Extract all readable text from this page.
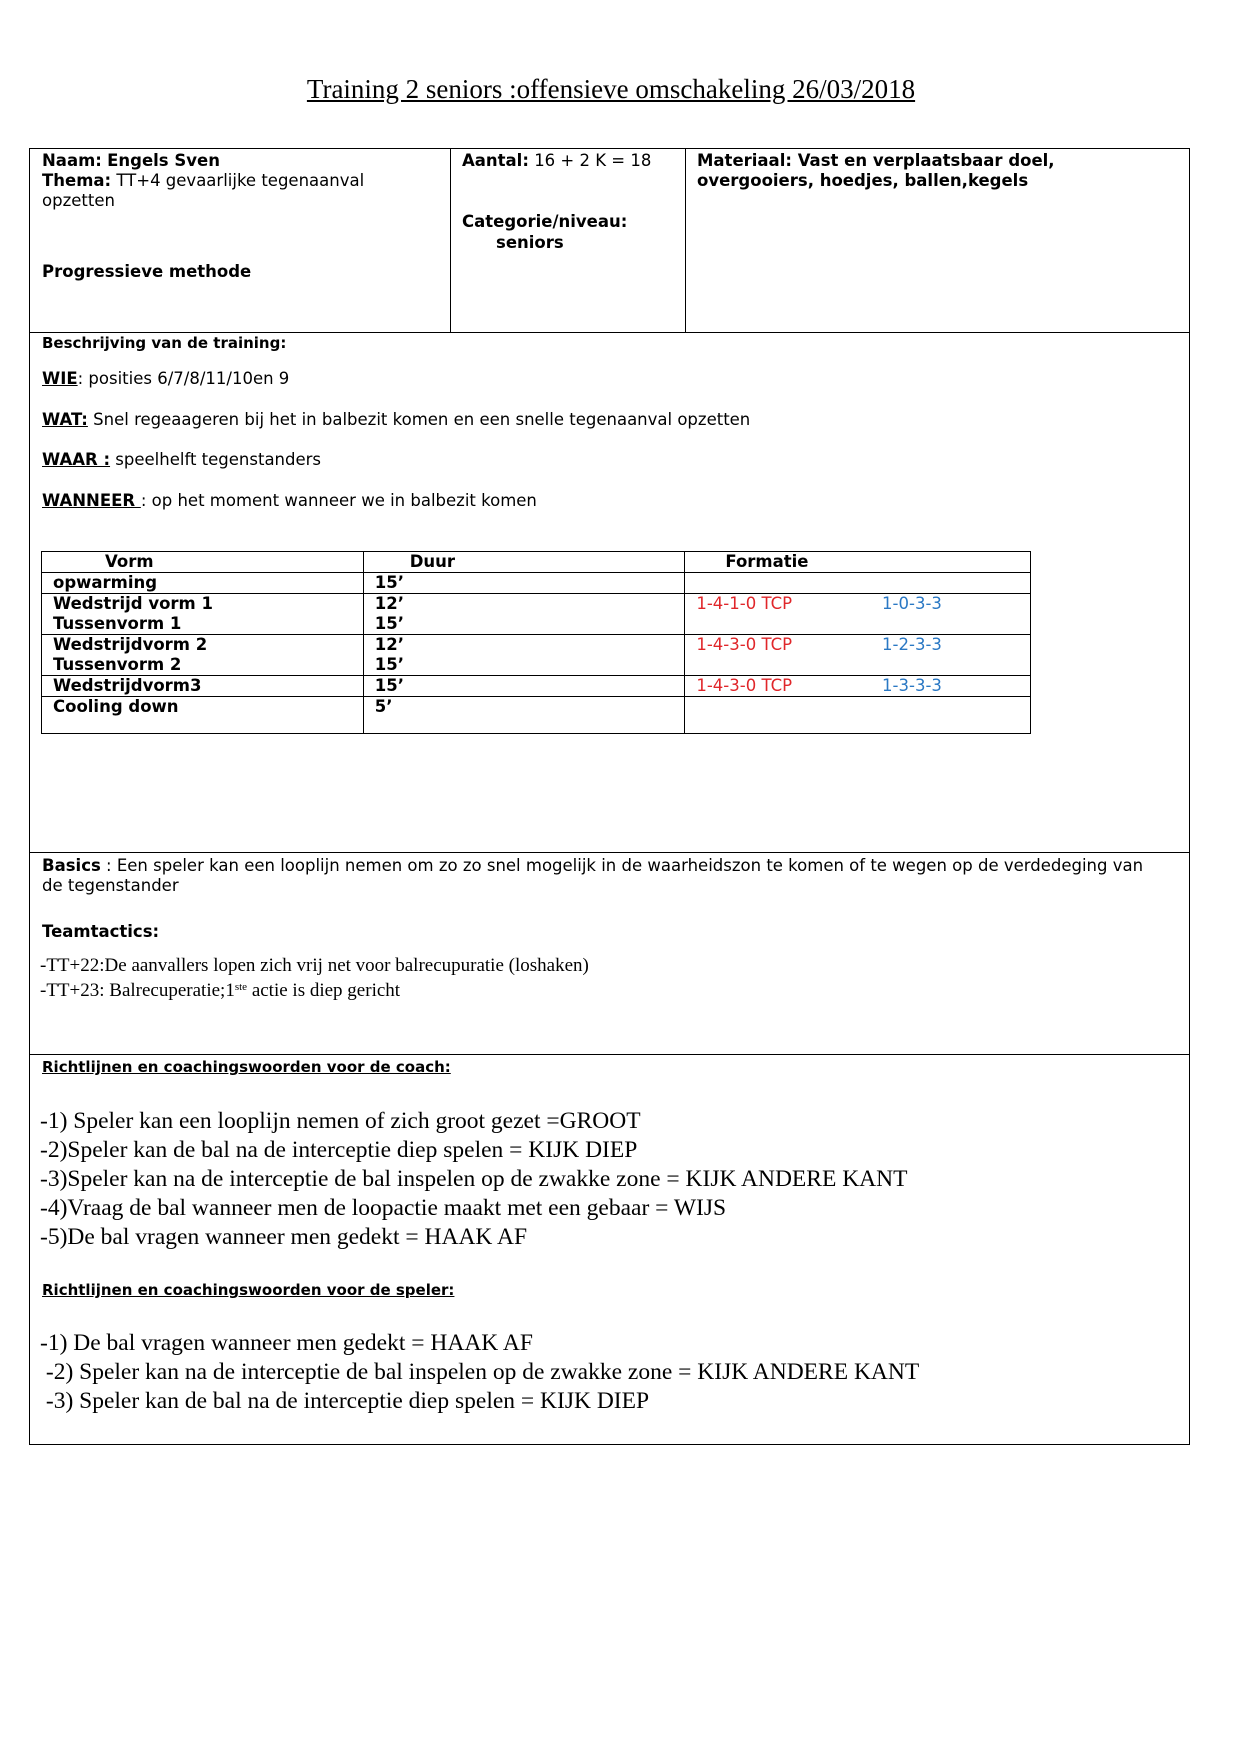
Training 2 seniors :offensieve omschakeling 26/03/2018
Naam: Engels Sven
Thema: TT+4 gevaarlijke tegenaanval
opzetten
Progressieve methode
Aantal: 16 + 2 K = 18
Categorie/niveau:
seniors
Materiaal: Vast en verplaatsbaar doel,
overgooiers, hoedjes, ballen,kegels
Beschrijving van de training:
WIE: posities 6/7/8/11/10en 9
WAT: Snel regeaageren bij het in balbezit komen en een snelle tegenaanval opzetten
WAAR : speelhelft tegenstanders
WANNEER : op het moment wanneer we in balbezit komen
Vorm	Duur	Formatie
opwarming	15’	
Wedstrijd vorm 1	12’	1-4-1-0 TCP 1-0-3-3
Tussenvorm 1	15’	
Wedstrijdvorm 2	12’	1-4-3-0 TCP 1-2-3-3
Tussenvorm 2	15’	
Wedstrijdvorm3	15’	1-4-3-0 TCP 1-3-3-3
Cooling down	5’	
Basics : Een speler kan een looplijn nemen om zo zo snel mogelijk in de waarheidszon te komen of te wegen op de verdedeging van
de tegenstander
Teamtactics:
-TT+22:De aanvallers lopen zich vrij net voor balrecupuratie (loshaken)
-TT+23: Balrecuperatie;1ste actie is diep gericht
Richtlijnen en coachingswoorden voor de coach:
-1) Speler kan een looplijn nemen of zich groot gezet =GROOT
-2)Speler kan de bal na de interceptie diep spelen = KIJK DIEP
-3)Speler kan na de interceptie de bal inspelen op de zwakke zone = KIJK ANDERE KANT
-4)Vraag de bal wanneer men de loopactie maakt met een gebaar = WIJS
-5)De bal vragen wanneer men gedekt = HAAK AF
Richtlijnen en coachingswoorden voor de speler:
-1) De bal vragen wanneer men gedekt = HAAK AF
-2) Speler kan na de interceptie de bal inspelen op de zwakke zone = KIJK ANDERE KANT
-3) Speler kan de bal na de interceptie diep spelen = KIJK DIEP
